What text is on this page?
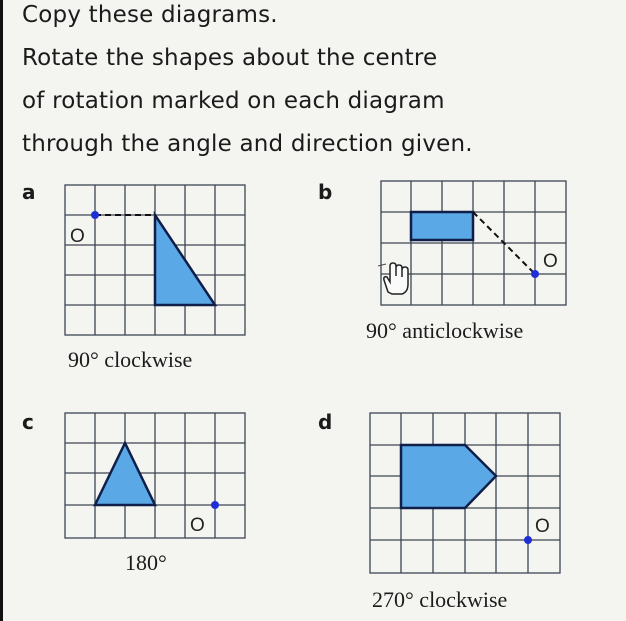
Copy these diagrams.
Rotate the shapes about the centre
of rotation marked on each diagram
through the angle and direction given.
a
O
90° clockwise
b
O
90° anticlockwise
c
O
180°
d
O
270° clockwise
